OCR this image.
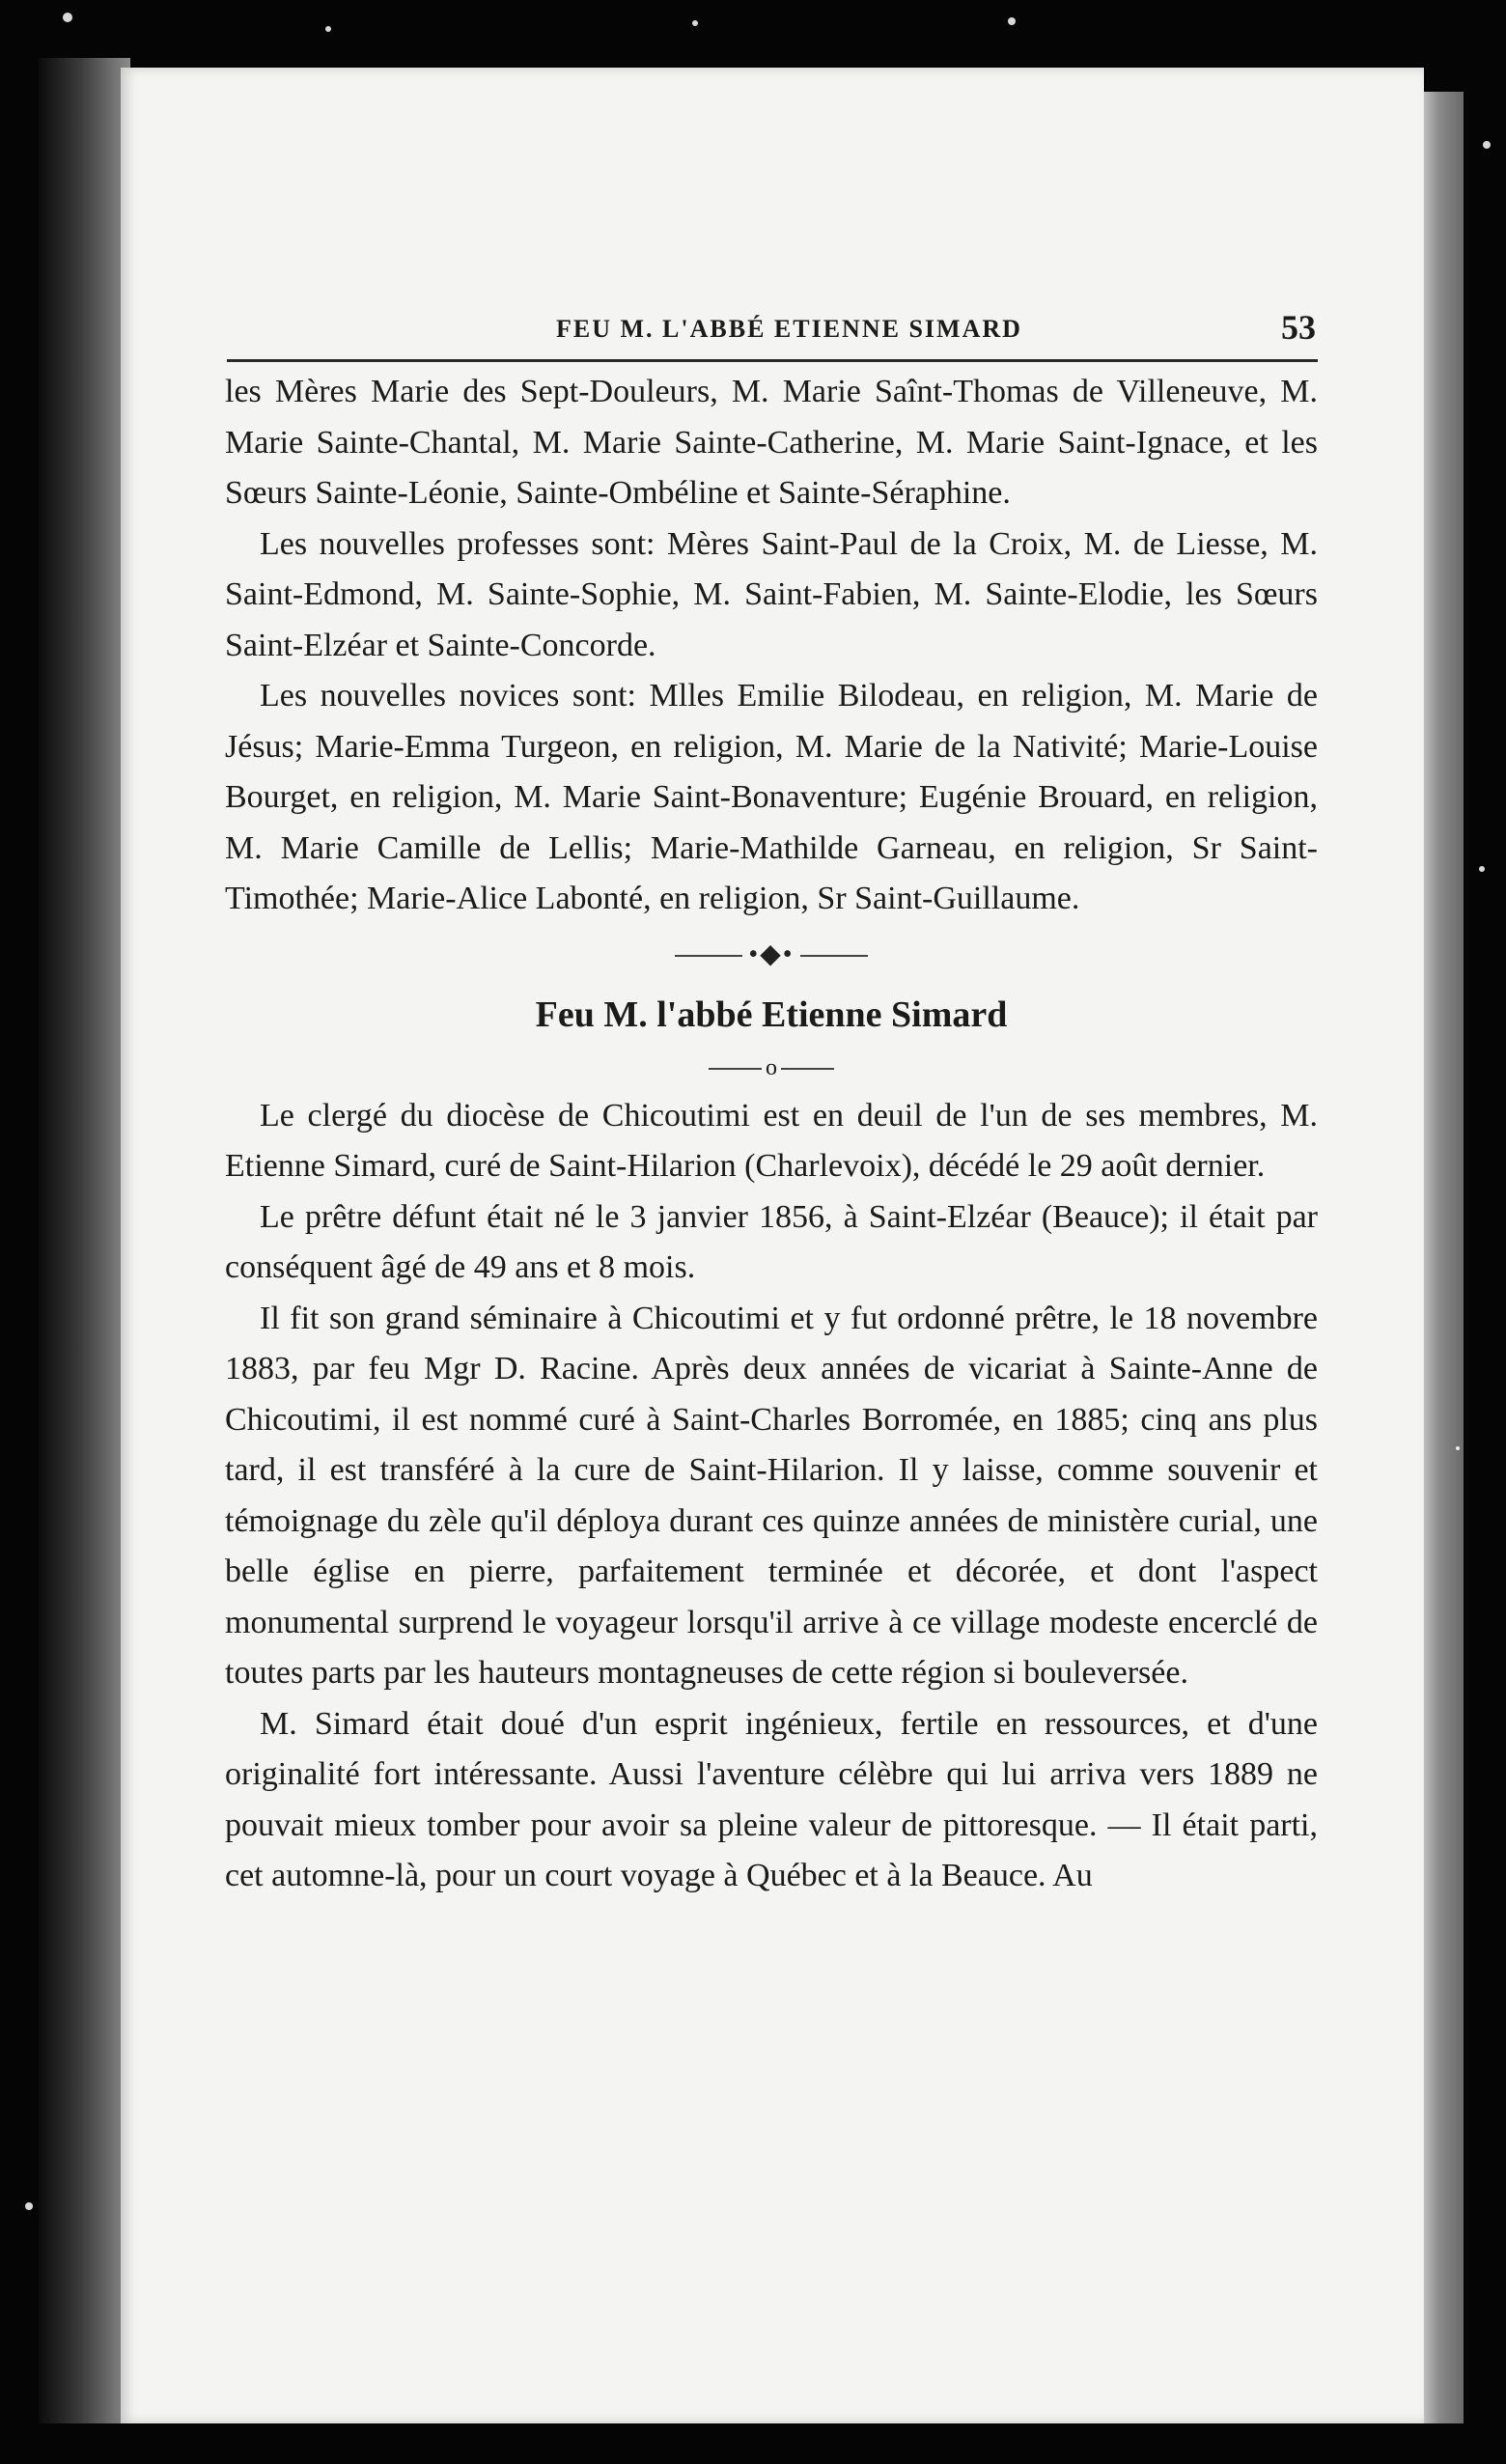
FEU M. L'ABBÉ ETIENNE SIMARD	53

les Mères Marie des Sept-Douleurs, M. Marie Saînt-Thomas de Villeneuve, M. Marie Sainte-Chantal, M. Marie Sainte-Catherine, M. Marie Saint-Ignace, et les Sœurs Sainte-Léonie, Sainte-Ombéline et Sainte-Séraphine.

Les nouvelles professes sont: Mères Saint-Paul de la Croix, M. de Liesse, M. Saint-Edmond, M. Sainte-Sophie, M. Saint-Fabien, M. Sainte-Elodie, les Sœurs Saint-Elzéar et Sainte-Concorde.

Les nouvelles novices sont: Mlles Emilie Bilodeau, en religion, M. Marie de Jésus; Marie-Emma Turgeon, en religion, M. Marie de la Nativité; Marie-Louise Bourget, en religion, M. Marie Saint-Bonaventure; Eugénie Brouard, en religion, M. Marie Camille de Lellis; Marie-Mathilde Garneau, en religion, Sr Saint-Timothée; Marie-Alice Labonté, en religion, Sr Saint-Guillaume.

•◆•
Feu M. l'abbé Etienne Simard
o

Le clergé du diocèse de Chicoutimi est en deuil de l'un de ses membres, M. Etienne Simard, curé de Saint-Hilarion (Charlevoix), décédé le 29 août dernier.

Le prêtre défunt était né le 3 janvier 1856, à Saint-Elzéar (Beauce); il était par conséquent âgé de 49 ans et 8 mois.

Il fit son grand séminaire à Chicoutimi et y fut ordonné prêtre, le 18 novembre 1883, par feu Mgr D. Racine. Après deux années de vicariat à Sainte-Anne de Chicoutimi, il est nommé curé à Saint-Charles Borromée, en 1885; cinq ans plus tard, il est transféré à la cure de Saint-Hilarion. Il y laisse, comme souvenir et témoignage du zèle qu'il déploya durant ces quinze années de ministère curial, une belle église en pierre, parfaitement terminée et décorée, et dont l'aspect monumental surprend le voyageur lorsqu'il arrive à ce village modeste encerclé de toutes parts par les hauteurs montagneuses de cette région si bouleversée.

M. Simard était doué d'un esprit ingénieux, fertile en ressources, et d'une originalité fort intéressante. Aussi l'aventure célèbre qui lui arriva vers 1889 ne pouvait mieux tomber pour avoir sa pleine valeur de pittoresque. — Il était parti, cet automne-là, pour un court voyage à Québec et à la Beauce. Au
